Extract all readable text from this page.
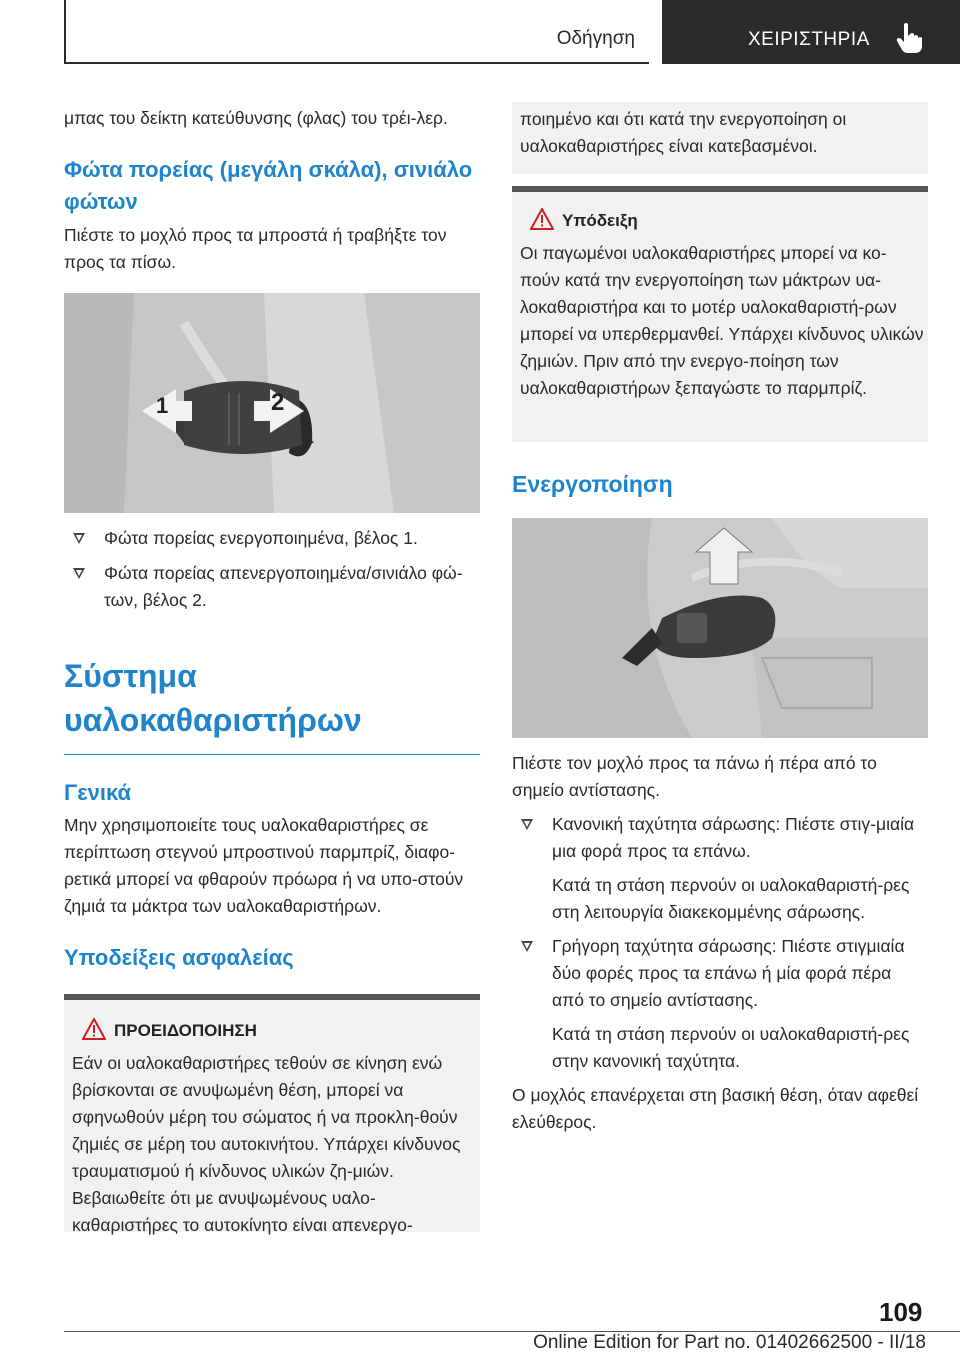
Οδήγηση	ΧΕΙΡΙΣΤΗΡΙΑ

μπας του δείκτη κατεύθυνσης (φλας) του τρέι-λερ.

Φώτα πορείας (μεγάλη σκάλα), σινιάλο φώτων

Πιέστε το μοχλό προς τα μπροστά ή τραβήξτε τον προς τα πίσω.

1	2
Φώτα πορείας ενεργοποιημένα, βέλος 1.
Φώτα πορείας απενεργοποιημένα/σινιάλο φώ-των, βέλος 2.
Σύστημα υαλοκαθαριστήρων
Γενικά

Μην χρησιμοποιείτε τους υαλοκαθαριστήρες σε περίπτωση στεγνού μπροστινού παρμπρίζ, διαφο-ρετικά μπορεί να φθαρούν πρόωρα ή να υπο-στούν ζημιά τα μάκτρα των υαλοκαθαριστήρων.

Υποδείξεις ασφαλείας
ΠΡΟΕΙΔΟΠΟΙΗΣΗ

Εάν οι υαλοκαθαριστήρες τεθούν σε κίνηση ενώ βρίσκονται σε ανυψωμένη θέση, μπορεί να σφηνωθούν μέρη του σώματος ή να προκλη-θούν ζημιές σε μέρη του αυτοκινήτου. Υπάρχει κίνδυνος τραυματισμού ή κίνδυνος υλικών ζη-μιών. Βεβαιωθείτε ότι με ανυψωμένους υαλο-καθαριστήρες το αυτοκίνητο είναι απενεργο-

ποιημένο και ότι κατά την ενεργοποίηση οι υαλοκαθαριστήρες είναι κατεβασμένοι.

Υπόδειξη

Οι παγωμένοι υαλοκαθαριστήρες μπορεί να κο-πούν κατά την ενεργοποίηση των μάκτρων υα-λοκαθαριστήρα και το μοτέρ υαλοκαθαριστή-ρων μπορεί να υπερθερμανθεί. Υπάρχει κίνδυνος υλικών ζημιών. Πριν από την ενεργο-ποίηση των υαλοκαθαριστήρων ξεπαγώστε το παρμπρίζ.

Ενεργοποίηση

Πιέστε τον μοχλό προς τα πάνω ή πέρα από το σημείο αντίστασης.

Κανονική ταχύτητα σάρωσης: Πιέστε στιγ-μιαία μια φορά προς τα επάνω.

Κατά τη στάση περνούν οι υαλοκαθαριστή-ρες στη λειτουργία διακεκομμένης σάρωσης.

Γρήγορη ταχύτητα σάρωσης: Πιέστε στιγμιαία δύο φορές προς τα επάνω ή μία φορά πέρα από το σημείο αντίστασης.

Κατά τη στάση περνούν οι υαλοκαθαριστή-ρες στην κανονική ταχύτητα.

Ο μοχλός επανέρχεται στη βασική θέση, όταν αφεθεί ελεύθερος.

109
Online Edition for Part no. 01402662500 - II/18
